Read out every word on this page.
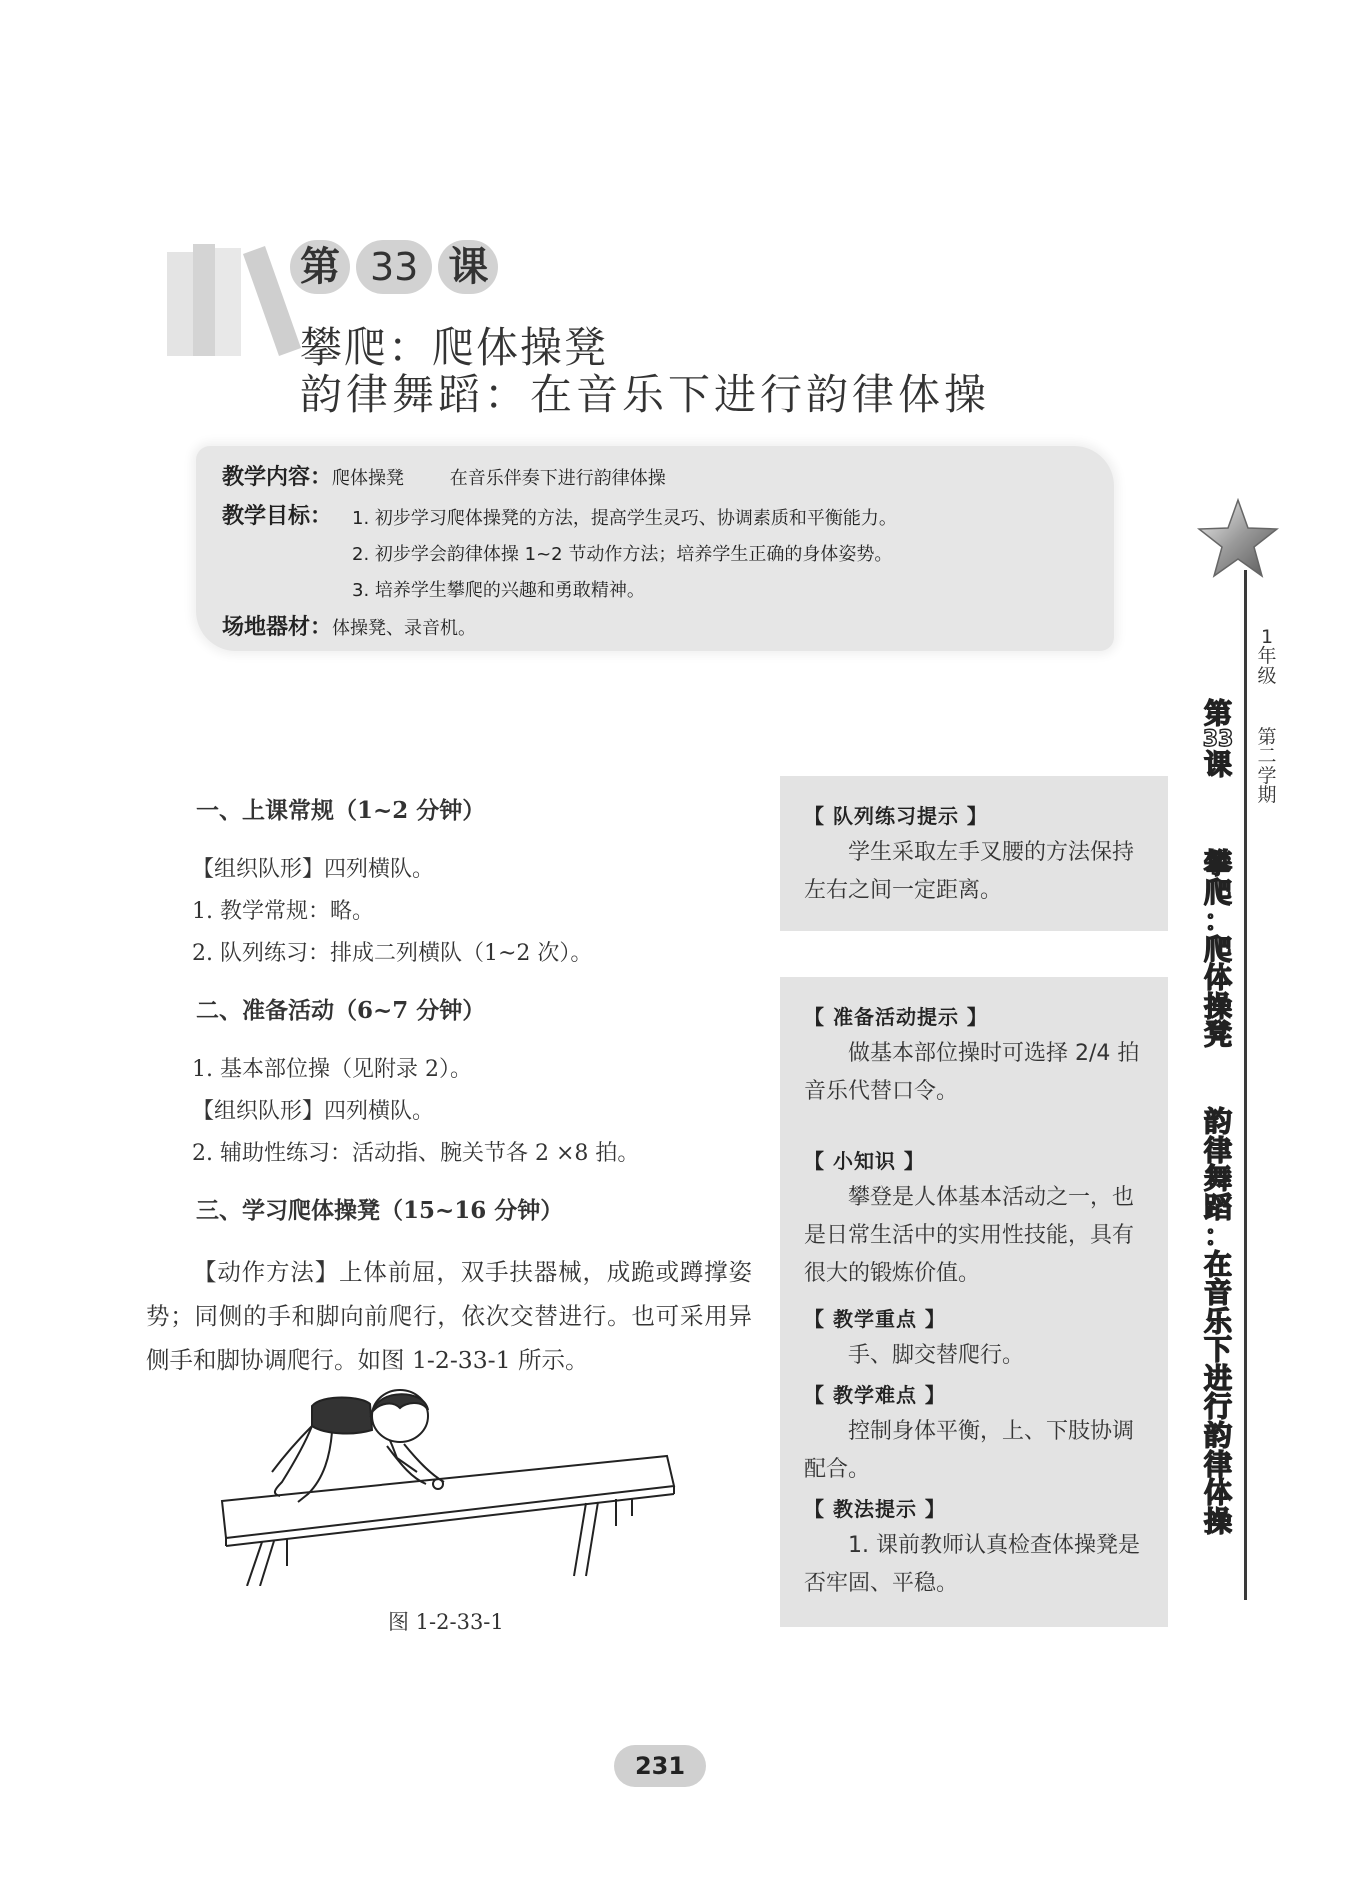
第 33 课
攀爬：爬体操凳
韵律舞蹈：在音乐下进行韵律体操
教学内容：爬体操凳        在音乐伴奏下进行韵律体操
教学目标： 1. 初步学习爬体操凳的方法，提高学生灵巧、协调素质和平衡能力。
2. 初步学会韵律体操 1~2 节动作方法；培养学生正确的身体姿势。
3. 培养学生攀爬的兴趣和勇敢精神。
场地器材：体操凳、录音机。	1
年
级
第
二
学
期
第
33
课
攀
爬
：
爬
体
操
凳
韵
律
舞
蹈
：
在
音
乐
下
进
行
韵
律
体
操
一、上课常规（1~2 分钟）
【组织队形】四列横队。
1. 教学常规：略。
2. 队列练习：排成二列横队（1~2 次）。
二、准备活动（6~7 分钟）
1. 基本部位操（见附录 2）。
【组织队形】四列横队。
2. 辅助性练习：活动指、腕关节各 2 ×8 拍。
三、学习爬体操凳（15~16 分钟）
【动作方法】上体前屈，双手扶器械，成跪或蹲撑姿势；同侧的手和脚向前爬行，依次交替进行。也可采用异侧手和脚协调爬行。如图 1-2-33-1 所示。
图 1-2-33-1
【 队列练习提示 】
学生采取左手叉腰的方法保持左右之间一定距离。
【 准备活动提示 】
做基本部位操时可选择 2/4 拍音乐代替口令。
【 小知识 】
攀登是人体基本活动之一，也是日常生活中的实用性技能，具有很大的锻炼价值。
【 教学重点 】
手、脚交替爬行。
【 教学难点 】
控制身体平衡，上、下肢协调配合。
【 教法提示 】
1. 课前教师认真检查体操凳是否牢固、平稳。
231
